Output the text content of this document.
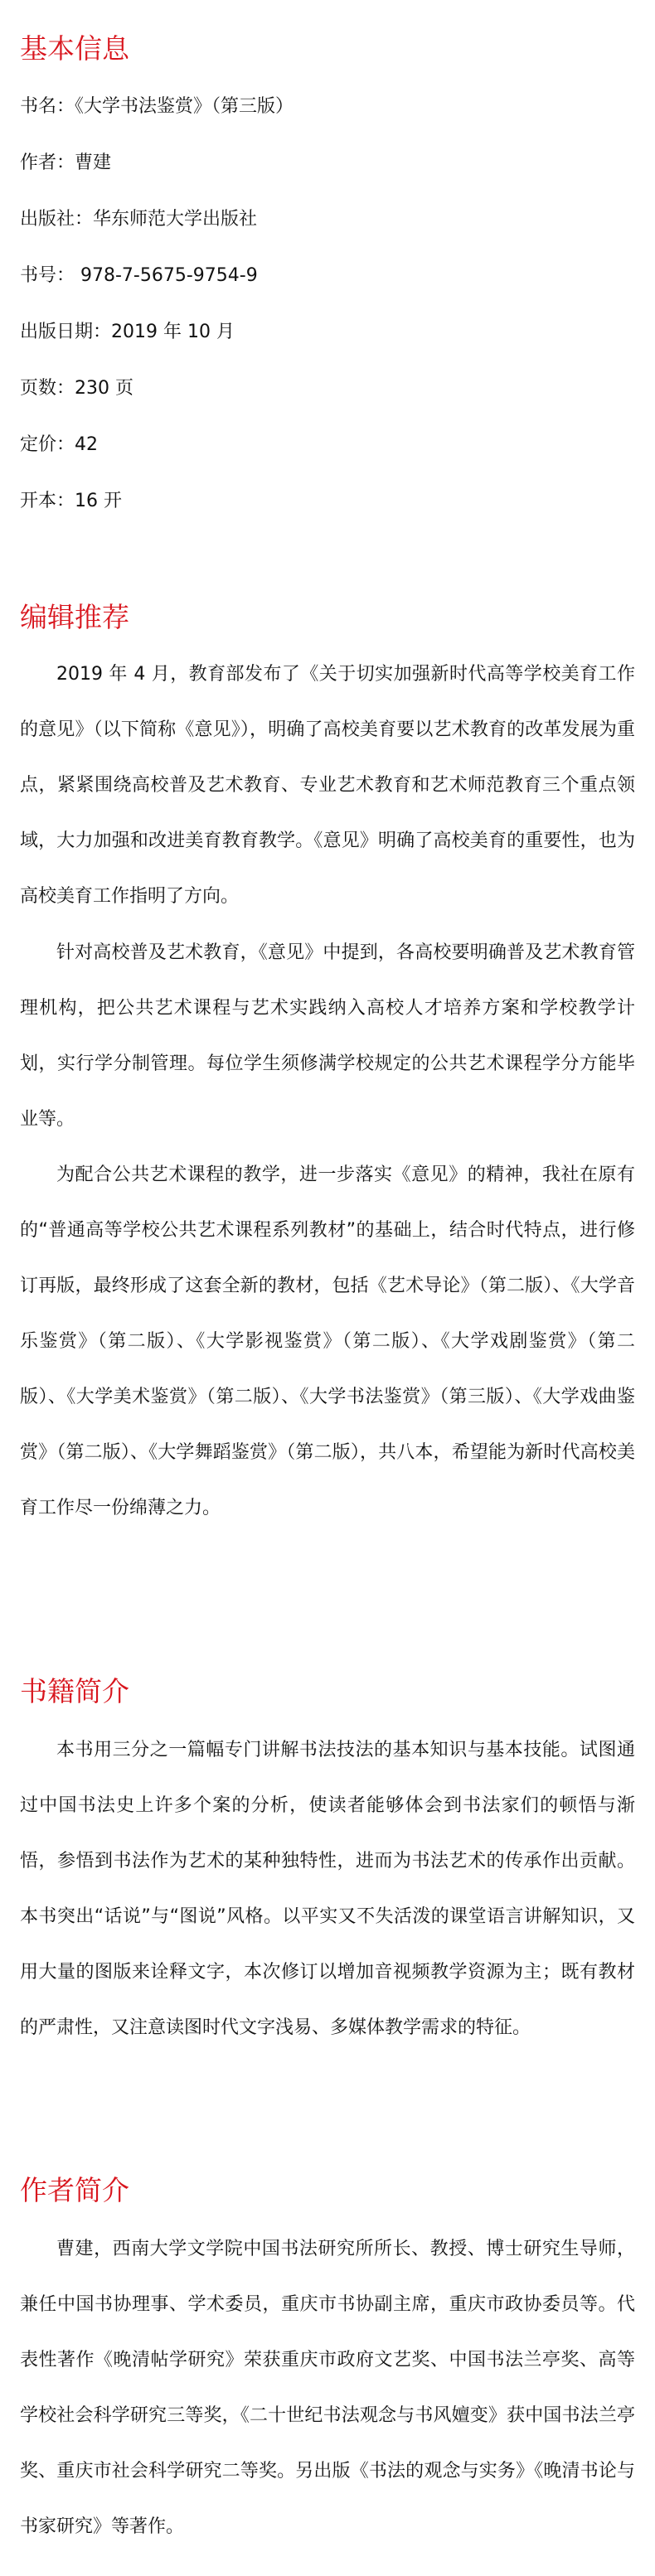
基本信息
书名：《大学书法鉴赏》（第三版）
作者：曹建
出版社：华东师范大学出版社
书号： 978-7-5675-9754-9
出版日期：2019 年 10 月
页数：230 页
定价：42
开本：16 开
编辑推荐

2019 年 4 月，教育部发布了《关于切实加强新时代高等学校美育工作的意见》（以下简称《意见》），明确了高校美育要以艺术教育的改革发展为重点，紧紧围绕高校普及艺术教育、专业艺术教育和艺术师范教育三个重点领域，大力加强和改进美育教育教学。《意见》明确了高校美育的重要性，也为高校美育工作指明了方向。

针对高校普及艺术教育，《意见》中提到，各高校要明确普及艺术教育管理机构，把公共艺术课程与艺术实践纳入高校人才培养方案和学校教学计划，实行学分制管理。每位学生须修满学校规定的公共艺术课程学分方能毕业等。

为配合公共艺术课程的教学，进一步落实《意见》的精神，我社在原有的“普通高等学校公共艺术课程系列教材”的基础上，结合时代特点，进行修订再版，最终形成了这套全新的教材，包括《艺术导论》（第二版）、《大学音乐鉴赏》（第二版）、《大学影视鉴赏》（第二版）、《大学戏剧鉴赏》（第二版）、《大学美术鉴赏》（第二版）、《大学书法鉴赏》（第三版）、《大学戏曲鉴赏》（第二版）、《大学舞蹈鉴赏》（第二版），共八本，希望能为新时代高校美育工作尽一份绵薄之力。

书籍简介

本书用三分之一篇幅专门讲解书法技法的基本知识与基本技能。试图通过中国书法史上许多个案的分析，使读者能够体会到书法家们的顿悟与渐悟，参悟到书法作为艺术的某种独特性，进而为书法艺术的传承作出贡献。本书突出“话说”与“图说”风格。以平实又不失活泼的课堂语言讲解知识，又用大量的图版来诠释文字，本次修订以增加音视频教学资源为主；既有教材的严肃性，又注意读图时代文字浅易、多媒体教学需求的特征。

作者简介

曹建，西南大学文学院中国书法研究所所长、教授、博士研究生导师，兼任中国书协理事、学术委员，重庆市书协副主席，重庆市政协委员等。代表性著作《晚清帖学研究》荣获重庆市政府文艺奖、中国书法兰亭奖、高等学校社会科学研究三等奖，《二十世纪书法观念与书风嬗变》获中国书法兰亭奖、重庆市社会科学研究二等奖。另出版《书法的观念与实务》《晚清书论与书家研究》等著作。
